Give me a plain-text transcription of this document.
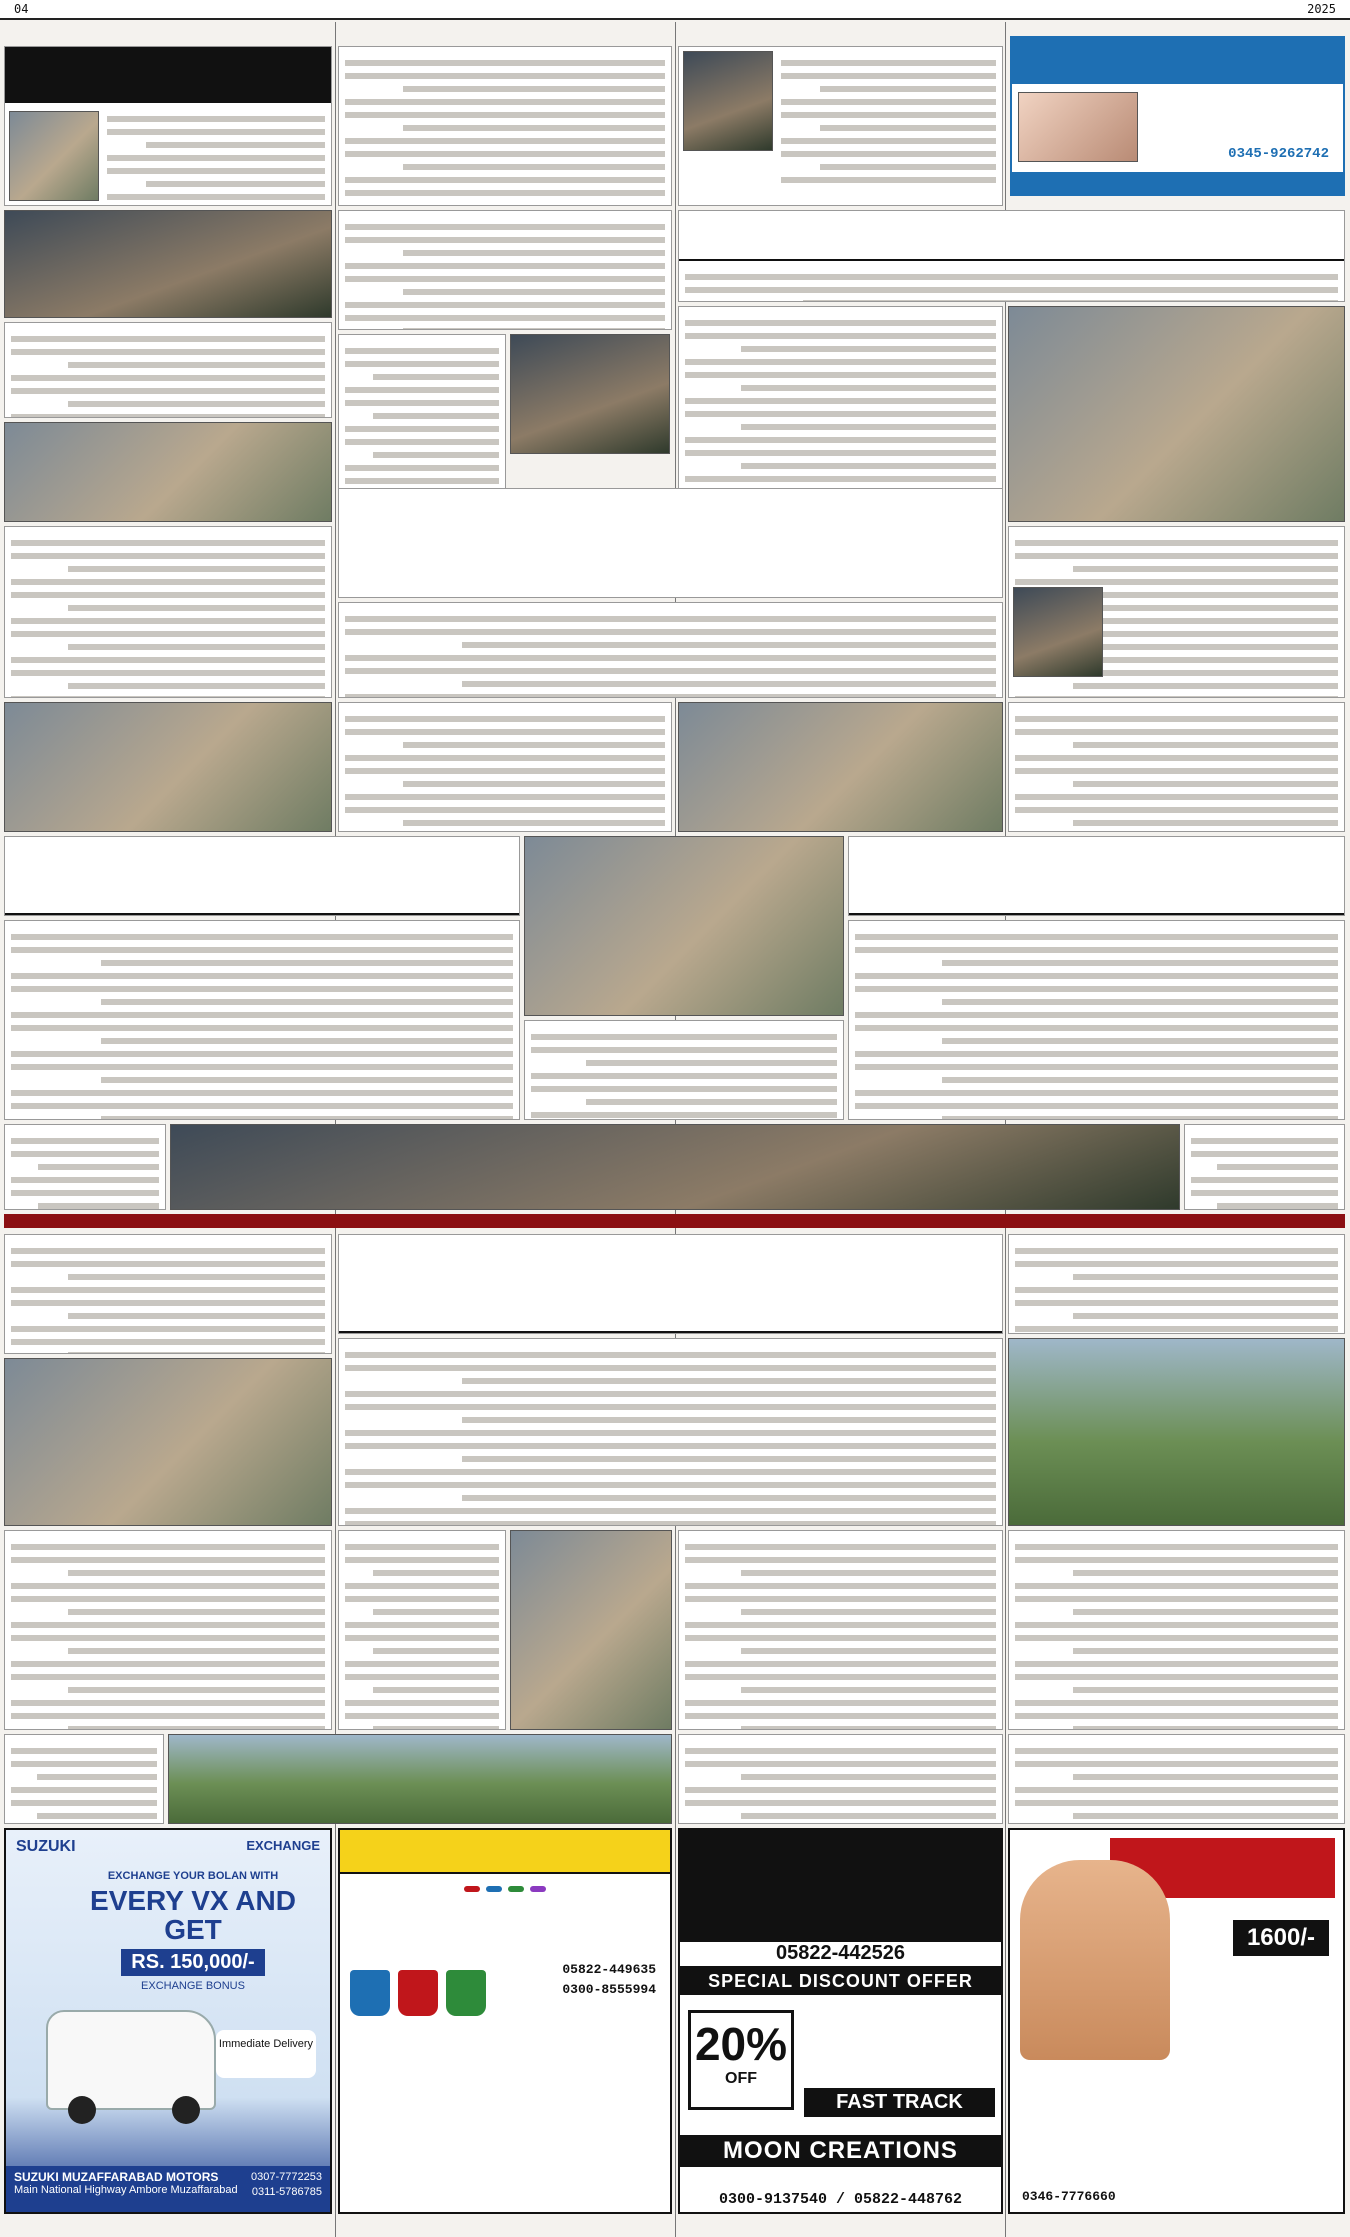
04	2025
0345-9262742
SUZUKI	EXCHANGE
EXCHANGE YOUR BOLAN WITH
EVERY VX AND GET
RS. 150,000/-
EXCHANGE BONUS
Immediate Delivery
SUZUKI MUZAFFARABAD MOTORS
Main National Highway Ambore Muzaffarabad
0307-7772253
0311-5786785
05822-449635
0300-8555994
05822-442526
SPECIAL DISCOUNT OFFER
20%
OFF
FAST TRACK
MOON CREATIONS
0300-9137540 / 05822-448762
1600/-
0346-7776660
